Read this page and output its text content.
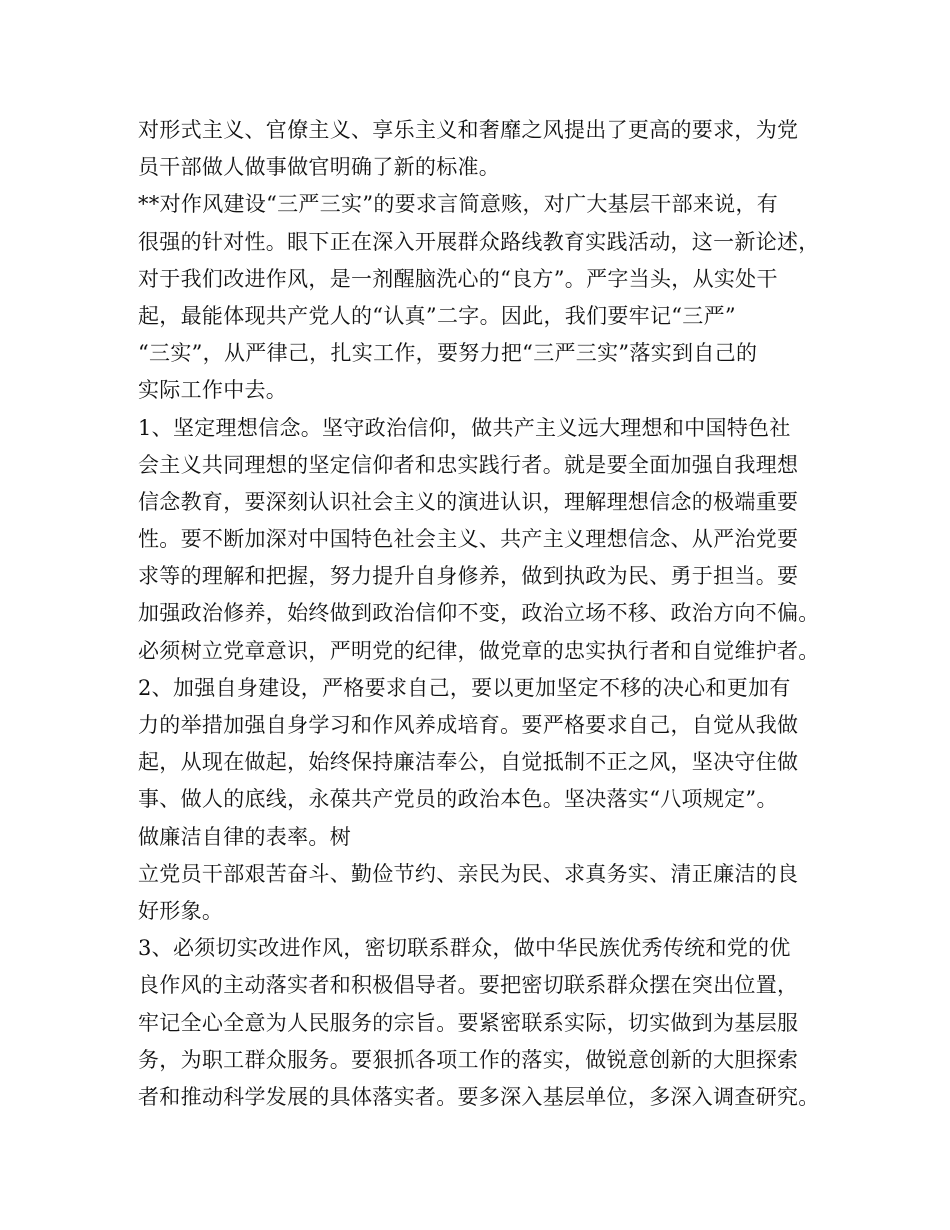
对形式主义、官僚主义、享乐主义和奢靡之风提出了更高的要求，为党
员干部做人做事做官明确了新的标准。
**对作风建设“三严三实”的要求言简意赅，对广大基层干部来说，有
很强的针对性。眼下正在深入开展群众路线教育实践活动，这一新论述，
对于我们改进作风，是一剂醒脑洗心的“良方”。严字当头，从实处干
起，最能体现共产党人的“认真”二字。因此，我们要牢记“三严”
“三实”，从严律己，扎实工作，要努力把“三严三实”落实到自己的
实际工作中去。
1、坚定理想信念。坚守政治信仰，做共产主义远大理想和中国特色社
会主义共同理想的坚定信仰者和忠实践行者。就是要全面加强自我理想
信念教育，要深刻认识社会主义的演进认识，理解理想信念的极端重要
性。要不断加深对中国特色社会主义、共产主义理想信念、从严治党要
求等的理解和把握，努力提升自身修养，做到执政为民、勇于担当。要
加强政治修养，始终做到政治信仰不变，政治立场不移、政治方向不偏。
必须树立党章意识，严明党的纪律，做党章的忠实执行者和自觉维护者。
2、加强自身建设，严格要求自己，要以更加坚定不移的决心和更加有
力的举措加强自身学习和作风养成培育。要严格要求自己，自觉从我做
起，从现在做起，始终保持廉洁奉公，自觉抵制不正之风，坚决守住做
事、做人的底线，永葆共产党员的政治本色。坚决落实“八项规定”。
做廉洁自律的表率。树
立党员干部艰苦奋斗、勤俭节约、亲民为民、求真务实、清正廉洁的良
好形象。
3、必须切实改进作风，密切联系群众，做中华民族优秀传统和党的优
良作风的主动落实者和积极倡导者。要把密切联系群众摆在突出位置，
牢记全心全意为人民服务的宗旨。要紧密联系实际，切实做到为基层服
务，为职工群众服务。要狠抓各项工作的落实，做锐意创新的大胆探索
者和推动科学发展的具体落实者。要多深入基层单位，多深入调查研究。
